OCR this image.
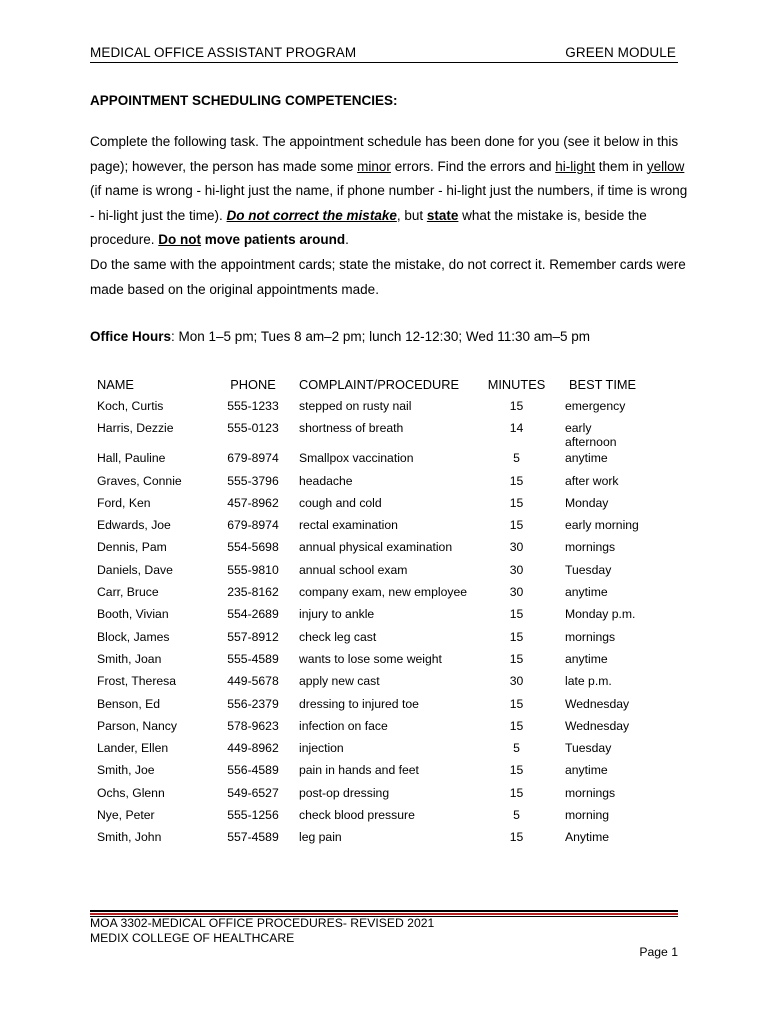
MEDICAL OFFICE ASSISTANT PROGRAM	GREEN MODULE
APPOINTMENT SCHEDULING COMPETENCIES:
Complete the following task. The appointment schedule has been done for you (see it below in this page); however, the person has made some minor errors. Find the errors and hi-light them in yellow (if name is wrong - hi-light just the name, if phone number - hi-light just the numbers, if time is wrong - hi-light just the time). Do not correct the mistake, but state what the mistake is, beside the procedure. Do not move patients around.
Do the same with the appointment cards; state the mistake, do not correct it. Remember cards were made based on the original appointments made.
Office Hours: Mon 1–5 pm; Tues 8 am–2 pm; lunch 12-12:30; Wed 11:30 am–5 pm
NAME	PHONE	COMPLAINT/PROCEDURE	MINUTES	BEST TIME
Koch, Curtis	555-1233	stepped on rusty nail	15	emergency
Harris, Dezzie	555-0123	shortness of breath	14	early
afternoon

Hall, Pauline	679-8974	Smallpox vaccination	5	anytime
Graves, Connie	555-3796	headache	15	after work
Ford, Ken	457-8962	cough and cold	15	Monday
Edwards, Joe	679-8974	rectal examination	15	early morning
Dennis, Pam	554-5698	annual physical examination	30	mornings
Daniels, Dave	555-9810	annual school exam	30	Tuesday
Carr, Bruce	235-8162	company exam, new employee	30	anytime
Booth, Vivian	554-2689	injury to ankle	15	Monday p.m.
Block, James	557-8912	check leg cast	15	mornings
Smith, Joan	555-4589	wants to lose some weight	15	anytime
Frost, Theresa	449-5678	apply new cast	30	late p.m.
Benson, Ed	556-2379	dressing to injured toe	15	Wednesday
Parson, Nancy	578-9623	infection on face	15	Wednesday
Lander, Ellen	449-8962	injection	5	Tuesday
Smith, Joe	556-4589	pain in hands and feet	15	anytime
Ochs, Glenn	549-6527	post-op dressing	15	mornings
Nye, Peter	555-1256	check blood pressure	5	morning
Smith, John	557-4589	leg pain	15	Anytime
MOA 3302-MEDICAL OFFICE PROCEDURES- REVISED 2021
MEDIX COLLEGE OF HEALTHCARE
Page 1
